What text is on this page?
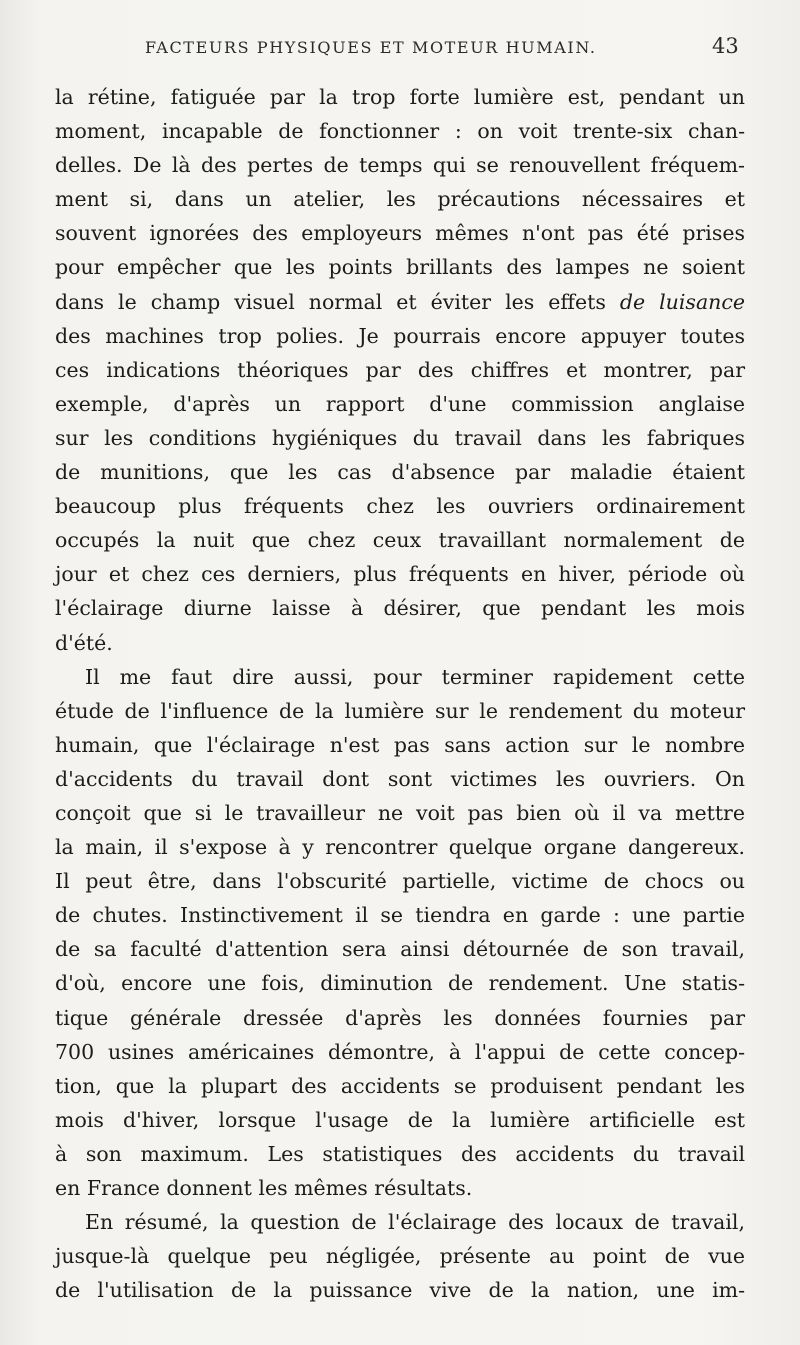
FACTEURS PHYSIQUES ET MOTEUR HUMAIN.	43
la rétine, fatiguée par la trop forte lumière est, pendant un
moment, incapable de fonctionner : on voit trente-six chan-
delles. De là des pertes de temps qui se renouvellent fréquem-
ment si, dans un atelier, les précautions nécessaires et
souvent ignorées des employeurs mêmes n'ont pas été prises
pour empêcher que les points brillants des lampes ne soient
dans le champ visuel normal et éviter les effets de luisance
des machines trop polies. Je pourrais encore appuyer toutes
ces indications théoriques par des chiffres et montrer, par
exemple, d'après un rapport d'une commission anglaise
sur les conditions hygiéniques du travail dans les fabriques
de munitions, que les cas d'absence par maladie étaient
beaucoup plus fréquents chez les ouvriers ordinairement
occupés la nuit que chez ceux travaillant normalement de
jour et chez ces derniers, plus fréquents en hiver, période où
l'éclairage diurne laisse à désirer, que pendant les mois
d'été.
Il me faut dire aussi, pour terminer rapidement cette
étude de l'influence de la lumière sur le rendement du moteur
humain, que l'éclairage n'est pas sans action sur le nombre
d'accidents du travail dont sont victimes les ouvriers. On
conçoit que si le travailleur ne voit pas bien où il va mettre
la main, il s'expose à y rencontrer quelque organe dangereux.
Il peut être, dans l'obscurité partielle, victime de chocs ou
de chutes. Instinctivement il se tiendra en garde : une partie
de sa faculté d'attention sera ainsi détournée de son travail,
d'où, encore une fois, diminution de rendement. Une statis-
tique générale dressée d'après les données fournies par
700 usines américaines démontre, à l'appui de cette concep-
tion, que la plupart des accidents se produisent pendant les
mois d'hiver, lorsque l'usage de la lumière artificielle est
à son maximum. Les statistiques des accidents du travail
en France donnent les mêmes résultats.
En résumé, la question de l'éclairage des locaux de travail,
jusque-là quelque peu négligée, présente au point de vue
de l'utilisation de la puissance vive de la nation, une im-
